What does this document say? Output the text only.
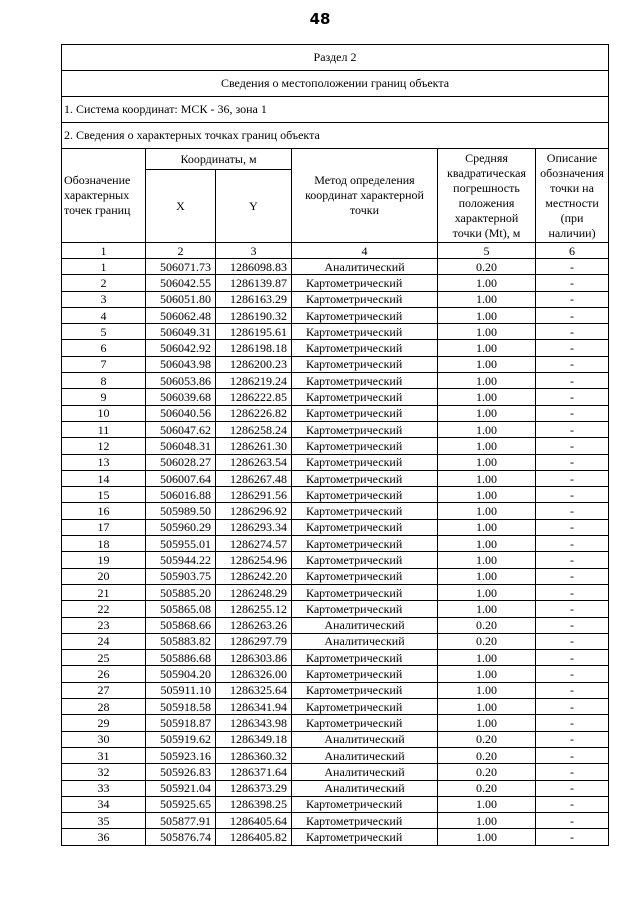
48
Раздел 2					
Сведения о местоположении границ объекта					
1. Система координат: МСК - 36, зона 1					
2. Сведения о характерных точках границ объекта					
Обозначение характерных точек границ	Координаты, м		Метод определения координат характерной точки	Средняя квадратическая погрешность положения характерной точки (Mt), м	Описание обозначения точки на местности (при наличии)
	X	Y			
1	2	3	4	5	6
1	506071.73	1286098.83	Аналитический	0.20	-
2	506042.55	1286139.87	Картометрический	1.00	-
3	506051.80	1286163.29	Картометрический	1.00	-
4	506062.48	1286190.32	Картометрический	1.00	-
5	506049.31	1286195.61	Картометрический	1.00	-
6	506042.92	1286198.18	Картометрический	1.00	-
7	506043.98	1286200.23	Картометрический	1.00	-
8	506053.86	1286219.24	Картометрический	1.00	-
9	506039.68	1286222.85	Картометрический	1.00	-
10	506040.56	1286226.82	Картометрический	1.00	-
11	506047.62	1286258.24	Картометрический	1.00	-
12	506048.31	1286261.30	Картометрический	1.00	-
13	506028.27	1286263.54	Картометрический	1.00	-
14	506007.64	1286267.48	Картометрический	1.00	-
15	506016.88	1286291.56	Картометрический	1.00	-
16	505989.50	1286296.92	Картометрический	1.00	-
17	505960.29	1286293.34	Картометрический	1.00	-
18	505955.01	1286274.57	Картометрический	1.00	-
19	505944.22	1286254.96	Картометрический	1.00	-
20	505903.75	1286242.20	Картометрический	1.00	-
21	505885.20	1286248.29	Картометрический	1.00	-
22	505865.08	1286255.12	Картометрический	1.00	-
23	505868.66	1286263.26	Аналитический	0.20	-
24	505883.82	1286297.79	Аналитический	0.20	-
25	505886.68	1286303.86	Картометрический	1.00	-
26	505904.20	1286326.00	Картометрический	1.00	-
27	505911.10	1286325.64	Картометрический	1.00	-
28	505918.58	1286341.94	Картометрический	1.00	-
29	505918.87	1286343.98	Картометрический	1.00	-
30	505919.62	1286349.18	Аналитический	0.20	-
31	505923.16	1286360.32	Аналитический	0.20	-
32	505926.83	1286371.64	Аналитический	0.20	-
33	505921.04	1286373.29	Аналитический	0.20	-
34	505925.65	1286398.25	Картометрический	1.00	-
35	505877.91	1286405.64	Картометрический	1.00	-
36	505876.74	1286405.82	Картометрический	1.00	-
